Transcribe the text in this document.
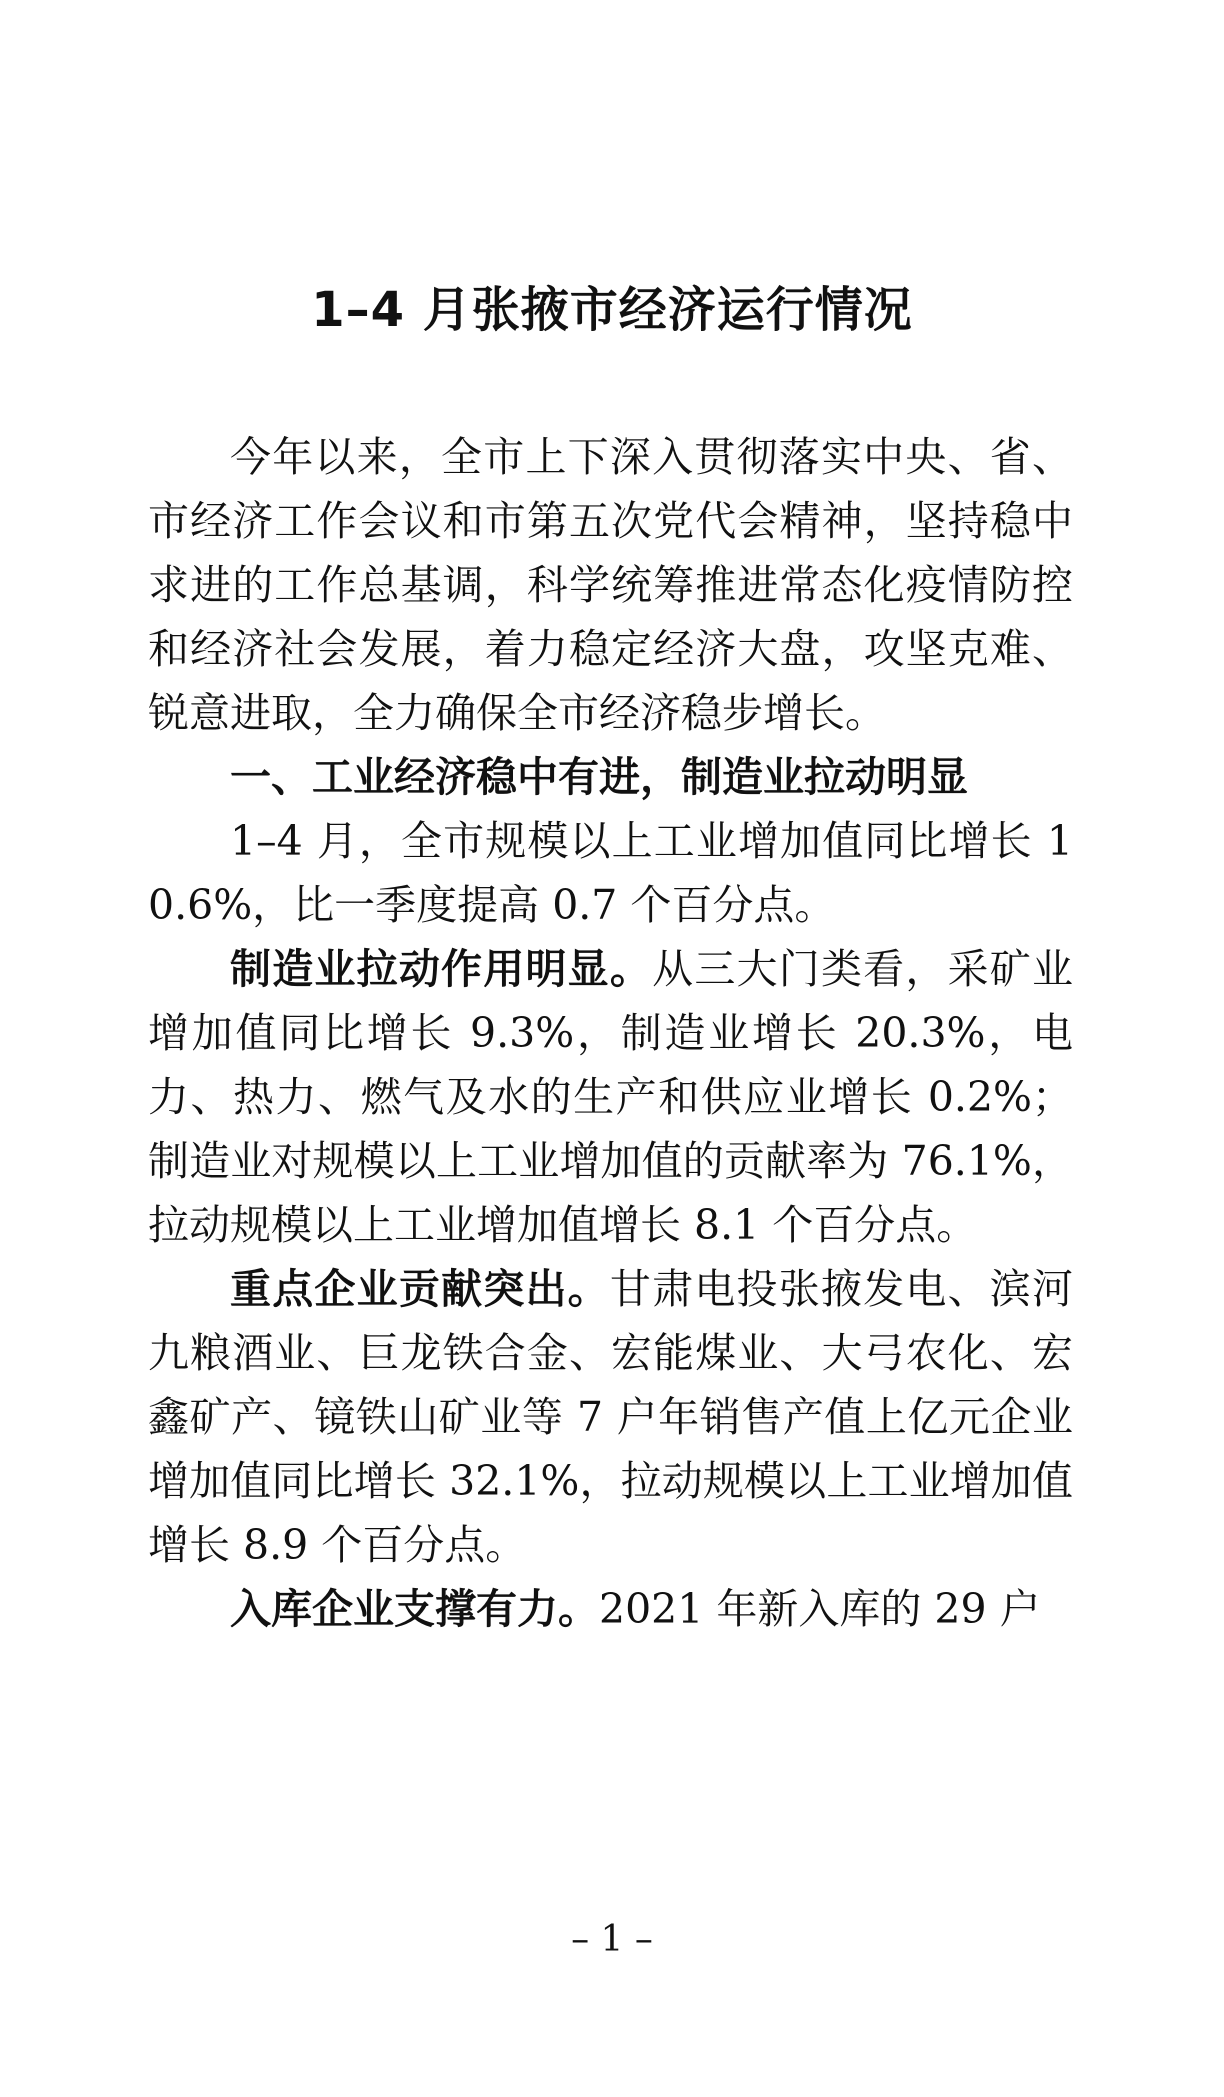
1–4 月张掖市经济运行情况

今年以来，全市上下深入贯彻落实中央、省、市经济工作会议和市第五次党代会精神，坚持稳中求进的工作总基调，科学统筹推进常态化疫情防控和经济社会发展，着力稳定经济大盘，攻坚克难、锐意进取，全力确保全市经济稳步增长。

一、工业经济稳中有进，制造业拉动明显

1–4 月，全市规模以上工业增加值同比增长 10.6%，比一季度提高 0.7 个百分点。

制造业拉动作用明显。从三大门类看，采矿业增加值同比增长 9.3%，制造业增长 20.3%，电力、热力、燃气及水的生产和供应业增长 0.2%；制造业对规模以上工业增加值的贡献率为 76.1%，拉动规模以上工业增加值增长 8.1 个百分点。

重点企业贡献突出。甘肃电投张掖发电、滨河九粮酒业、巨龙铁合金、宏能煤业、大弓农化、宏鑫矿产、镜铁山矿业等 7 户年销售产值上亿元企业增加值同比增长 32.1%，拉动规模以上工业增加值增长 8.9 个百分点。

入库企业支撑有力。2021 年新入库的 29 户

– 1 –
